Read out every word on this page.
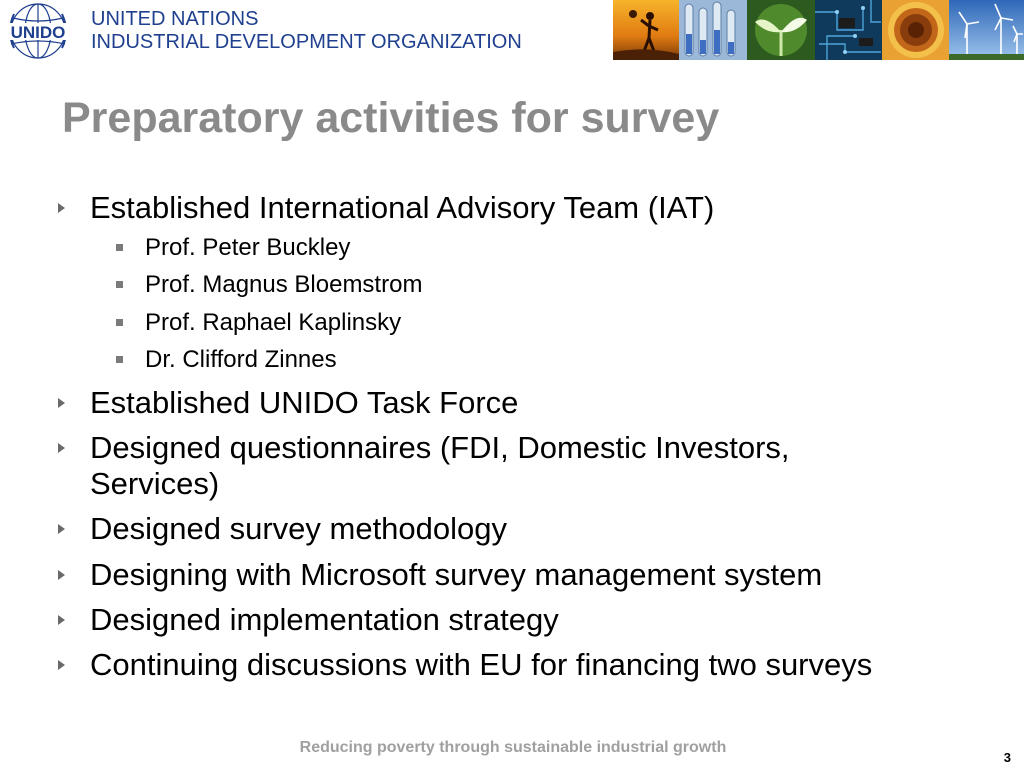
UNIDO
UNITED NATIONS
INDUSTRIAL DEVELOPMENT ORGANIZATION
Preparatory activities for survey
Established International Advisory Team (IAT)
Prof. Peter Buckley
Prof. Magnus Bloemstrom
Prof. Raphael Kaplinsky
Dr. Clifford Zinnes
Established UNIDO Task Force
Designed questionnaires (FDI, Domestic Investors, Services)
Designed survey methodology
Designing with Microsoft survey management system
Designed implementation strategy
Continuing discussions with EU for financing two surveys
Reducing poverty through sustainable industrial growth
3
